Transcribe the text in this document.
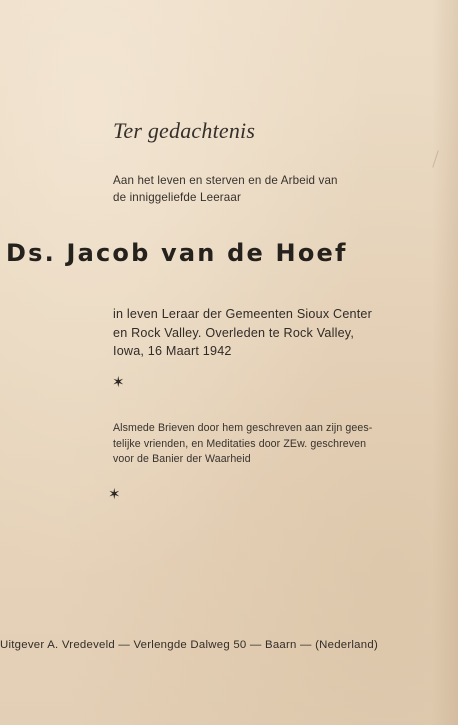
Ter gedachtenis
Aan het leven en sterven en de Arbeid van
de inniggeliefde Leeraar
Ds. Jacob van de Hoef
in leven Leraar der Gemeenten Sioux Center
en Rock Valley. Overleden te Rock Valley,
Iowa, 16 Maart 1942
✶
Alsmede Brieven door hem geschreven aan zijn gees-
telijke vrienden, en Meditaties door ZEw. geschreven
voor de Banier der Waarheid
✶
Uitgever A. Vredeveld — Verlengde Dalweg 50 — Baarn — (Nederland)
